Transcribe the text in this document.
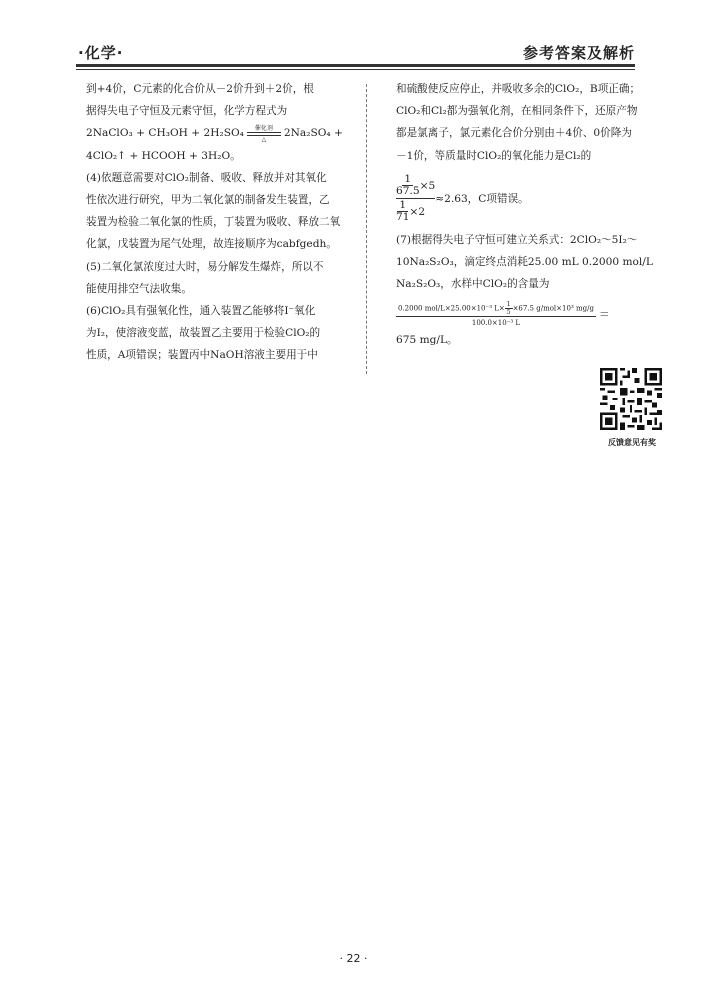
·化学·	参考答案及解析
到+4价，C元素的化合价从－2价升到＋2价，根
据得失电子守恒及元素守恒，化学方程式为
2NaClO₃ + CH₃OH + 2H₂SO₄ 催化剂
△ 2Na₂SO₄ +
4ClO₂↑ + HCOOH + 3H₂O。
(4)依题意需要对ClO₂制备、吸收、释放并对其氧化
性依次进行研究，甲为二氧化氯的制备发生装置，乙
装置为检验二氧化氯的性质，丁装置为吸收、释放二氧
化氯，戊装置为尾气处理，故连接顺序为cabfgedh。
(5)二氧化氯浓度过大时，易分解发生爆炸，所以不
能使用排空气法收集。
(6)ClO₂具有强氧化性，通入装置乙能够将I⁻氧化
为I₂，使溶液变蓝，故装置乙主要用于检验ClO₂的
性质，A项错误；装置丙中NaOH溶液主要用于中
和硫酸使反应停止，并吸收多余的ClO₂，B项正确；
ClO₂和Cl₂都为强氧化剂，在相同条件下，还原产物
都是氯离子，氯元素化合价分别由＋4价、0价降为
－1价，等质量时ClO₂的氧化能力是Cl₂的
$\frac{\frac{1}{67.5} \times 5}{\frac{1}{71} \times 2} \approx 2.63$，C项错误。
(7)根据得失电子守恒可建立关系式：2ClO₂～5I₂～
10Na₂S₂O₃，滴定终点消耗25.00 mL 0.2000 mol/L
Na₂S₂O₃，水样中ClO₂的含量为
0.2000 mol/L×25.00×10⁻³ $L\times \frac{1}{5} \times 67.5$ g/mol×10³ mg/g
100.0×10⁻³ L
＝
675 mg/L。
反馈意见有奖
· 22 ·
